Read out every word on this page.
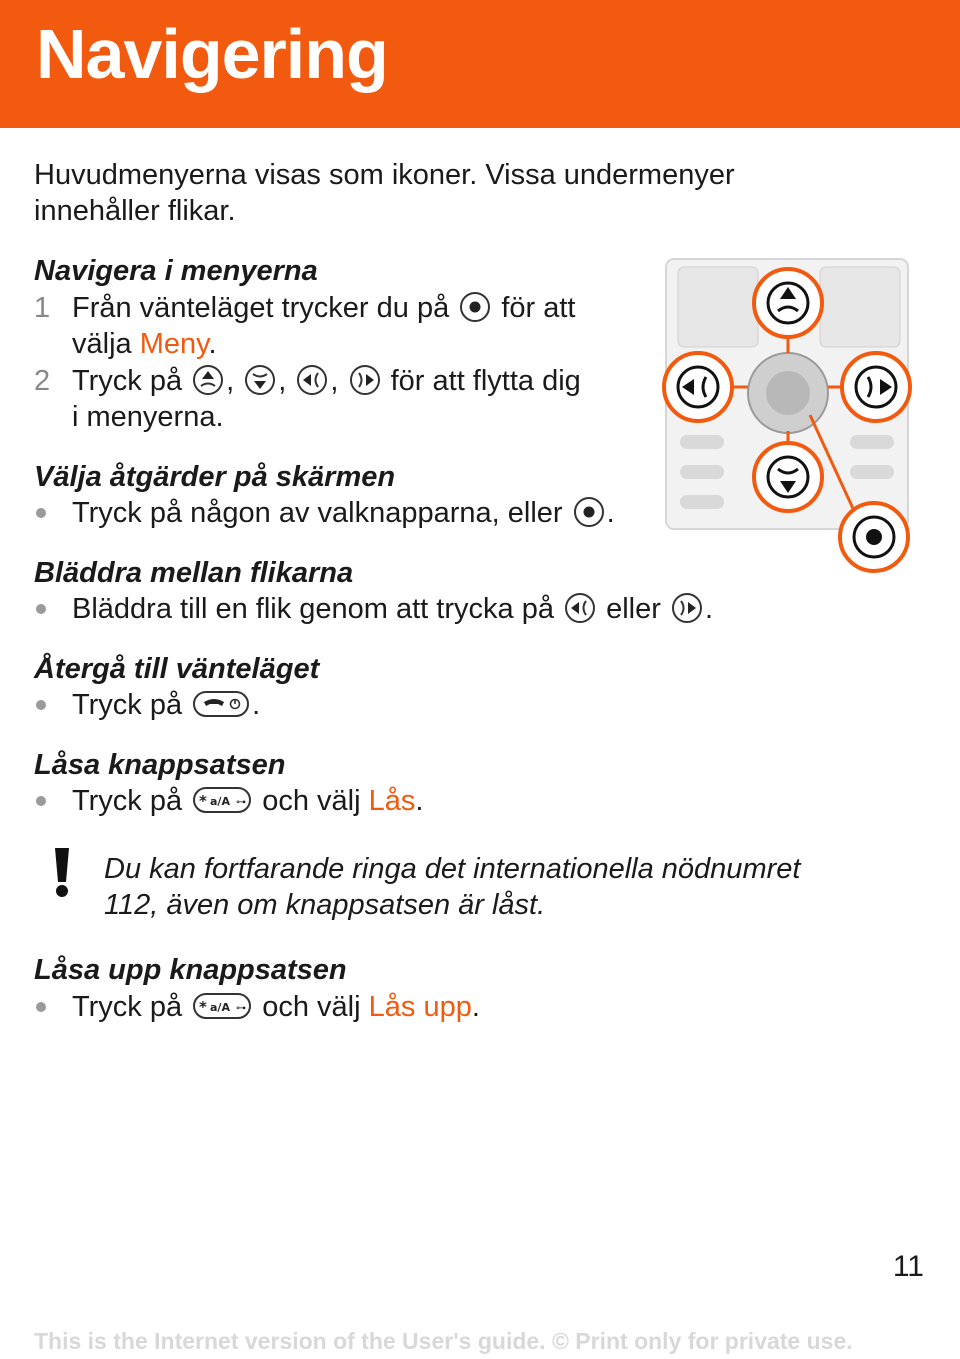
Navigering
Huvudmenyerna visas som ikoner. Vissa undermenyer
innehåller flikar.
Navigera i menyerna
1 Från vänteläget trycker du på för att
välja Meny.
2 Tryck på , , , för att flytta dig
i menyerna.
Välja åtgärder på skärmen
Tryck på någon av valknapparna, eller .
Bläddra mellan flikarna
Bläddra till en flik genom att trycka på eller .
Återgå till vänteläget
Tryck på .
Låsa knappsatsen
Tryck på * a/A ⊶ och välj Lås.
Du kan fortfarande ringa det internationella nödnumret
112, även om knappsatsen är låst.
Låsa upp knappsatsen
Tryck på * a/A ⊶ och välj Lås upp.
11
This is the Internet version of the User's guide. © Print only for private use.
